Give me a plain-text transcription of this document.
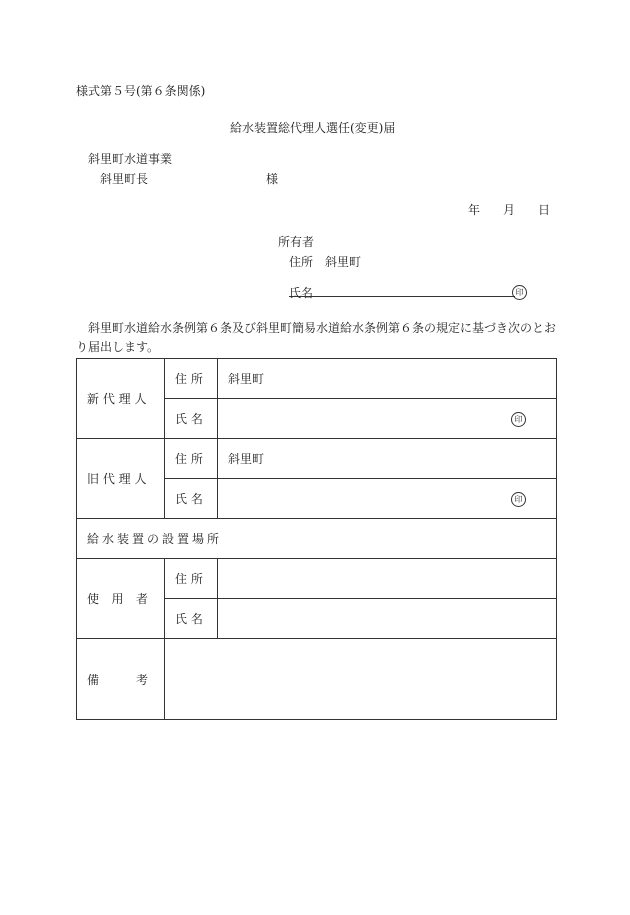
様式第５号(第６条関係)
給水装置総代理人選任(変更)届
斜里町水道事業
斜里町長	様
年 月 日
所有者
住所 斜里町
氏名	印
斜里町水道給水条例第６条及び斜里町簡易水道給水条例第６条の規定に基づき次のとお
り届出します。
新 代 理 人	住 所	斜里町
	氏 名	印

旧 代 理 人	住 所	斜里町
	氏 名	印

給水装置の設置場所		

使 用 者	住 所	
	氏 名	

備 考		
